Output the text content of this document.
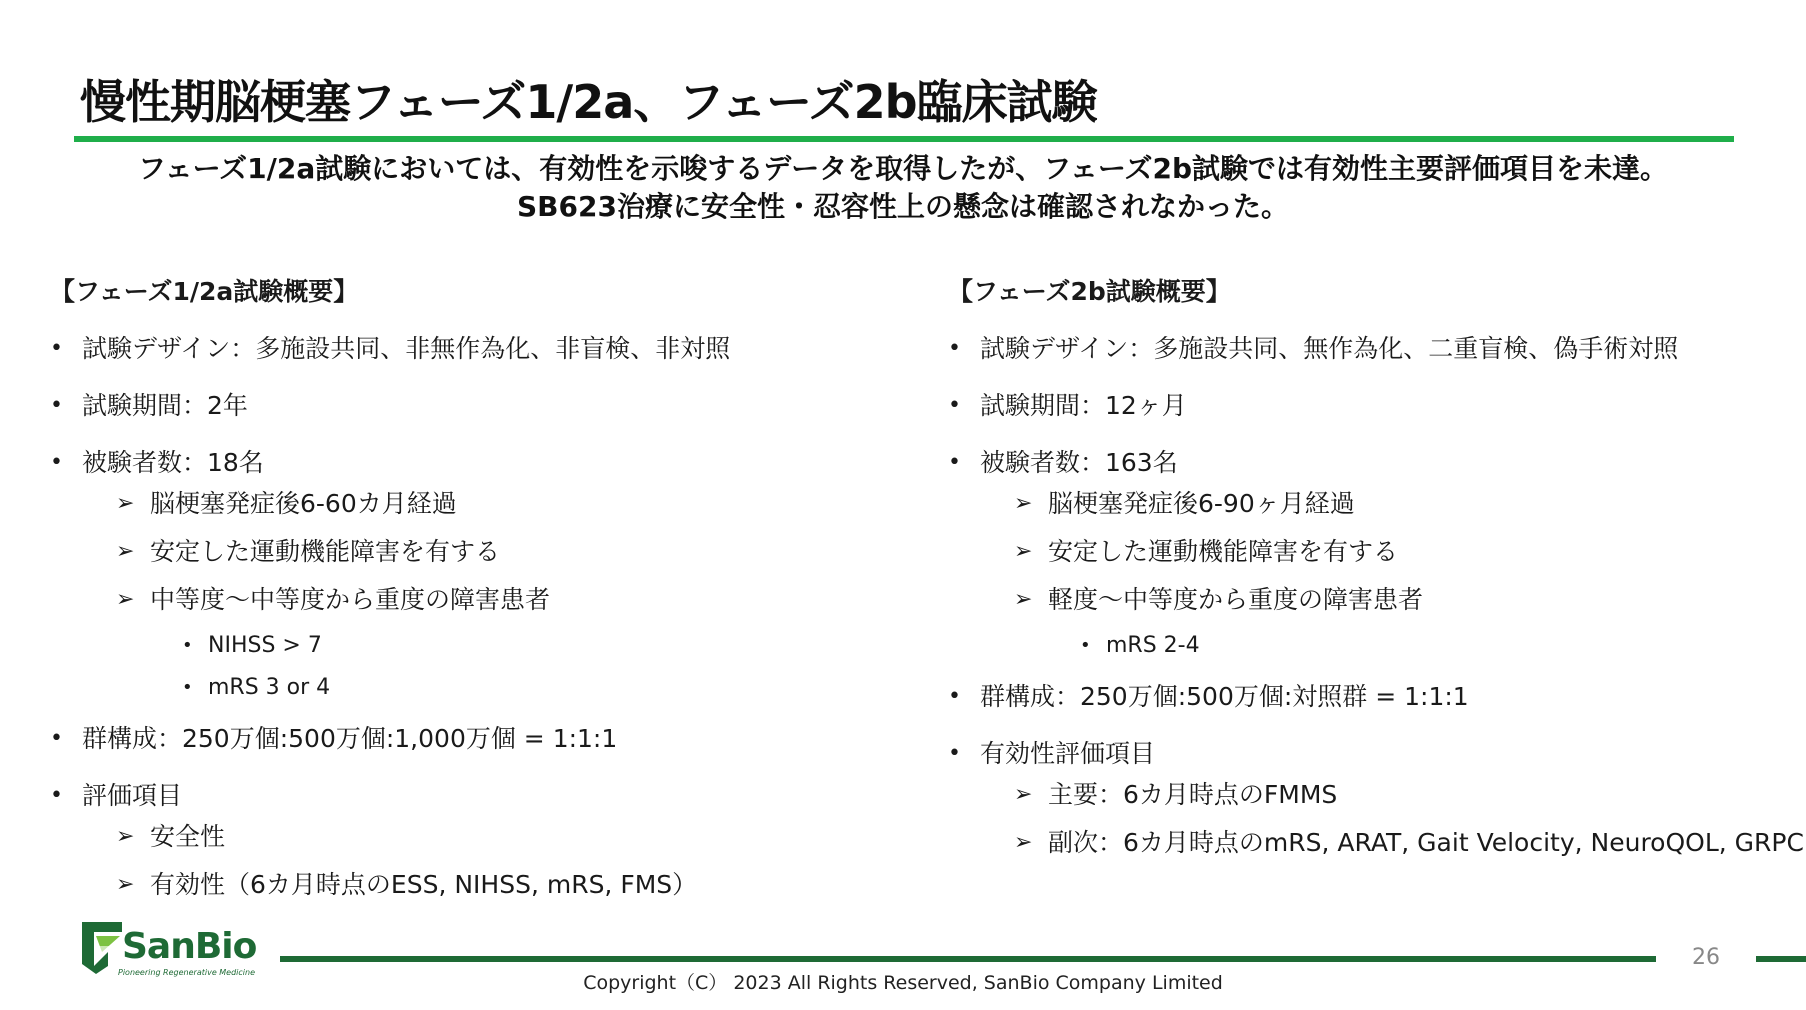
慢性期脳梗塞フェーズ1/2a、フェーズ2b臨床試験
フェーズ1/2a試験においては、有効性を示唆するデータを取得したが、フェーズ2b試験では有効性主要評価項目を未達。
SB623治療に安全性・忍容性上の懸念は確認されなかった。
【フェーズ1/2a試験概要】
• 試験デザイン：多施設共同、非無作為化、非盲検、非対照
• 試験期間：2年
• 被験者数：18名
➢ 脳梗塞発症後6-60カ月経過
➢ 安定した運動機能障害を有する
➢ 中等度～中等度から重度の障害患者
• NIHSS > 7
• mRS 3 or 4
• 群構成：250万個:500万個:1,000万個 = 1:1:1
• 評価項目
➢ 安全性
➢ 有効性（6カ月時点のESS, NIHSS, mRS, FMS）
【フェーズ2b試験概要】
• 試験デザイン：多施設共同、無作為化、二重盲検、偽手術対照
• 試験期間：12ヶ月
• 被験者数：163名
➢ 脳梗塞発症後6-90ヶ月経過
➢ 安定した運動機能障害を有する
➢ 軽度～中等度から重度の障害患者
• mRS 2-4
• 群構成：250万個:500万個:対照群 = 1:1:1
• 有効性評価項目
➢ 主要：6カ月時点のFMMS
➢ 副次：6カ月時点のmRS, ARAT, Gait Velocity, NeuroQOL, GRPC
SanBio
Pioneering Regenerative Medicine
26
Copyright（C） 2023 All Rights Reserved, SanBio Company Limited
